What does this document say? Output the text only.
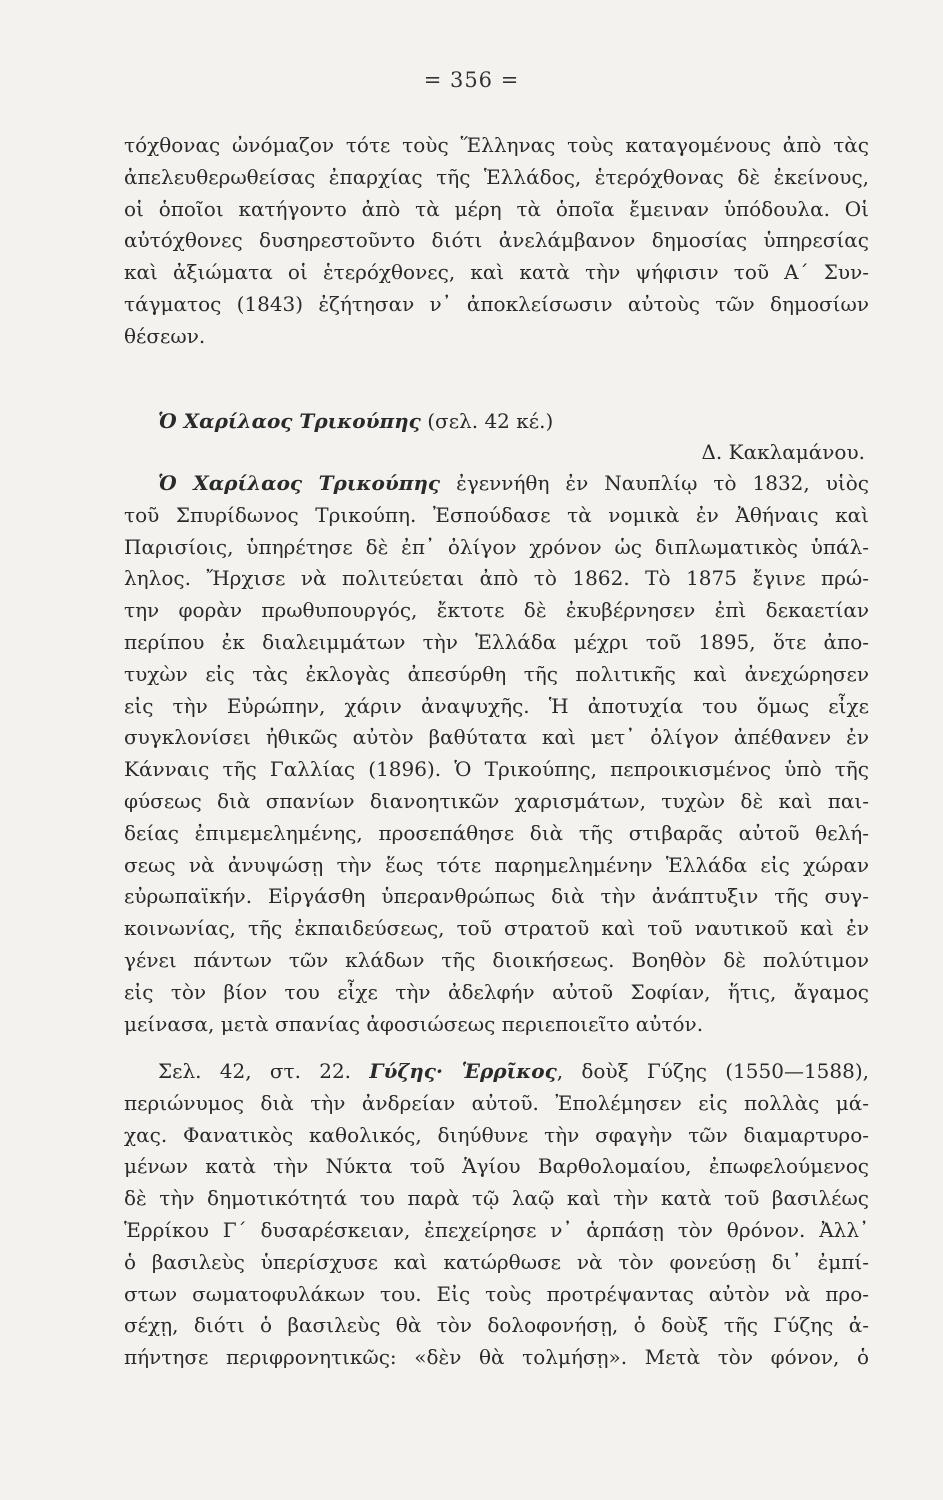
= 356 =
τόχθονας ὠνόμαζον τότε τοὺς Ἕλληνας τοὺς καταγομένους ἀπὸ τὰς
ἀπελευθερωθείσας ἐπαρχίας τῆς Ἑλλάδος, ἑτερόχθονας δὲ ἐκείνους,
οἱ ὁποῖοι κατήγοντο ἀπὸ τὰ μέρη τὰ ὁποῖα ἔμειναν ὑπόδουλα. Οἱ
αὐτόχθονες δυσηρεστοῦντο διότι ἀνελάμβανον δημοσίας ὑπηρεσίας
καὶ ἀξιώματα οἱ ἑτερόχθονες, καὶ κατὰ τὴν ψήφισιν τοῦ Α΄ Συν-
τάγματος (1843) ἐζήτησαν ν᾽ ἀποκλείσωσιν αὐτοὺς τῶν δημοσίων
θέσεων.
Ὁ Χαρίλαος Τρικούπης (σελ. 42 κέ.)
Δ. Κακλαμάνου.
Ὁ Χαρίλαος Τρικούπης ἐγεννήθη ἐν Ναυπλίῳ τὸ 1832, υἱὸς
τοῦ Σπυρίδωνος Τρικούπη. Ἐσπούδασε τὰ νομικὰ ἐν Ἀθήναις καὶ
Παρισίοις, ὑπηρέτησε δὲ ἐπ᾽ ὀλίγον χρόνον ὡς διπλωματικὸς ὑπάλ-
ληλος. Ἤρχισε νὰ πολιτεύεται ἀπὸ τὸ 1862. Τὸ 1875 ἔγινε πρώ-
την φορὰν πρωθυπουργός, ἔκτοτε δὲ ἐκυβέρνησεν ἐπὶ δεκαετίαν
περίπου ἐκ διαλειμμάτων τὴν Ἑλλάδα μέχρι τοῦ 1895, ὅτε ἀπο-
τυχὼν εἰς τὰς ἐκλογὰς ἀπεσύρθη τῆς πολιτικῆς καὶ ἀνεχώρησεν
εἰς τὴν Εὐρώπην, χάριν ἀναψυχῆς. Ἡ ἀποτυχία του ὅμως εἶχε
συγκλονίσει ἠθικῶς αὐτὸν βαθύτατα καὶ μετ᾽ ὀλίγον ἀπέθανεν ἐν
Κάνναις τῆς Γαλλίας (1896). Ὁ Τρικούπης, πεπροικισμένος ὑπὸ τῆς
φύσεως διὰ σπανίων διανοητικῶν χαρισμάτων, τυχὼν δὲ καὶ παι-
δείας ἐπιμεμελημένης, προσεπάθησε διὰ τῆς στιβαρᾶς αὐτοῦ θελή-
σεως νὰ ἀνυψώσῃ τὴν ἕως τότε παρημελημένην Ἑλλάδα εἰς χώραν
εὐρωπαϊκήν. Εἰργάσθη ὑπερανθρώπως διὰ τὴν ἀνάπτυξιν τῆς συγ-
κοινωνίας, τῆς ἐκπαιδεύσεως, τοῦ στρατοῦ καὶ τοῦ ναυτικοῦ καὶ ἐν
γένει πάντων τῶν κλάδων τῆς διοικήσεως. Βοηθὸν δὲ πολύτιμον
εἰς τὸν βίον του εἶχε τὴν ἀδελφήν αὐτοῦ Σοφίαν, ἥτις, ἄγαμος
μείνασα, μετὰ σπανίας ἀφοσιώσεως περιεποιεῖτο αὐτόν.
Σελ. 42, στ. 22. Γύζης· Ἑρρῖκος, δοὺξ Γύζης (1550—1588),
περιώνυμος διὰ τὴν ἀνδρείαν αὐτοῦ. Ἐπολέμησεν εἰς πολλὰς μά-
χας. Φανατικὸς καθολικός, διηύθυνε τὴν σφαγὴν τῶν διαμαρτυρο-
μένων κατὰ τὴν Νύκτα τοῦ Ἁγίου Βαρθολομαίου, ἐπωφελούμενος
δὲ τὴν δημοτικότητά του παρὰ τῷ λαῷ καὶ τὴν κατὰ τοῦ βασιλέως
Ἑρρίκου Γ΄ δυσαρέσκειαν, ἐπεχείρησε ν᾽ ἁρπάσῃ τὸν θρόνον. Ἀλλ᾽
ὁ βασιλεὺς ὑπερίσχυσε καὶ κατώρθωσε νὰ τὸν φονεύσῃ δι᾽ ἐμπί-
στων σωματοφυλάκων του. Εἰς τοὺς προτρέψαντας αὐτὸν νὰ προ-
σέχῃ, διότι ὁ βασιλεὺς θὰ τὸν δολοφονήσῃ, ὁ δοὺξ τῆς Γύζης ἀ-
πήντησε περιφρονητικῶς: «δὲν θὰ τολμήσῃ». Μετὰ τὸν φόνον, ὁ
